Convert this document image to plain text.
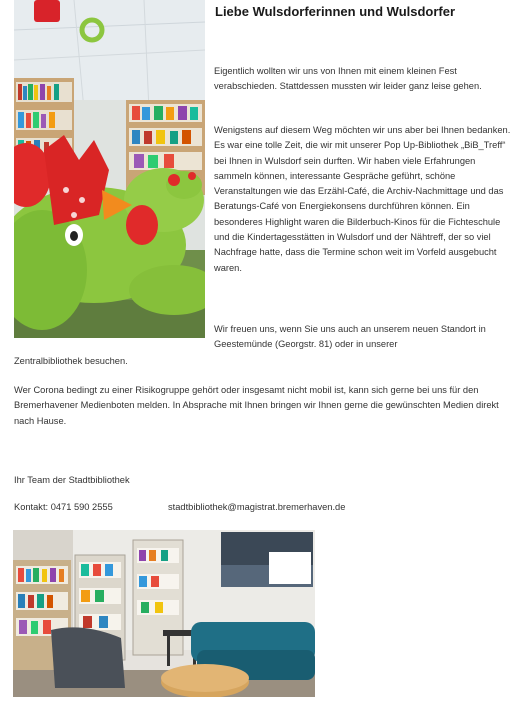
Liebe Wulsdorferinnen und Wulsdorfer

Eigentlich wollten wir uns von Ihnen mit einem kleinen Fest verabschieden. Stattdessen mussten wir leider ganz leise gehen.

Wenigstens auf diesem Weg möchten wir uns aber bei Ihnen bedanken. Es war eine tolle Zeit, die wir mit unserer Pop Up-Bibliothek „BiB_Treff“ bei Ihnen in Wulsdorf sein durften. Wir haben viele Erfahrungen sammeln können, interessante Gespräche geführt, schöne Veranstaltungen wie das Erzähl-Café, die Archiv-Nachmittage und das Beratungs-Café von Energiekonsens durchführen können. Ein besonderes Highlight waren die Bilderbuch-Kinos für die Fichteschule und die Kindertagesstätten in Wulsdorf und der Nähtreff, der so viel Nachfrage hatte, dass die Termine schon weit im Vorfeld ausgebucht waren.

Wir freuen uns, wenn Sie uns auch an unserem neuen Standort in Geestemünde (Georgstr. 81) oder in unserer

Zentralbibliothek besuchen.

Wer Corona bedingt zu einer Risikogruppe gehört oder insgesamt nicht mobil ist, kann sich gerne bei uns für den Bremerhavener Medienboten melden. In Absprache mit Ihnen bringen wir Ihnen gerne die gewünschten Medien direkt nach Hause.

Ihr Team der Stadtbibliothek

Kontakt: 0471 590 2555	stadtbibliothek@magistrat.bremerhaven.de
